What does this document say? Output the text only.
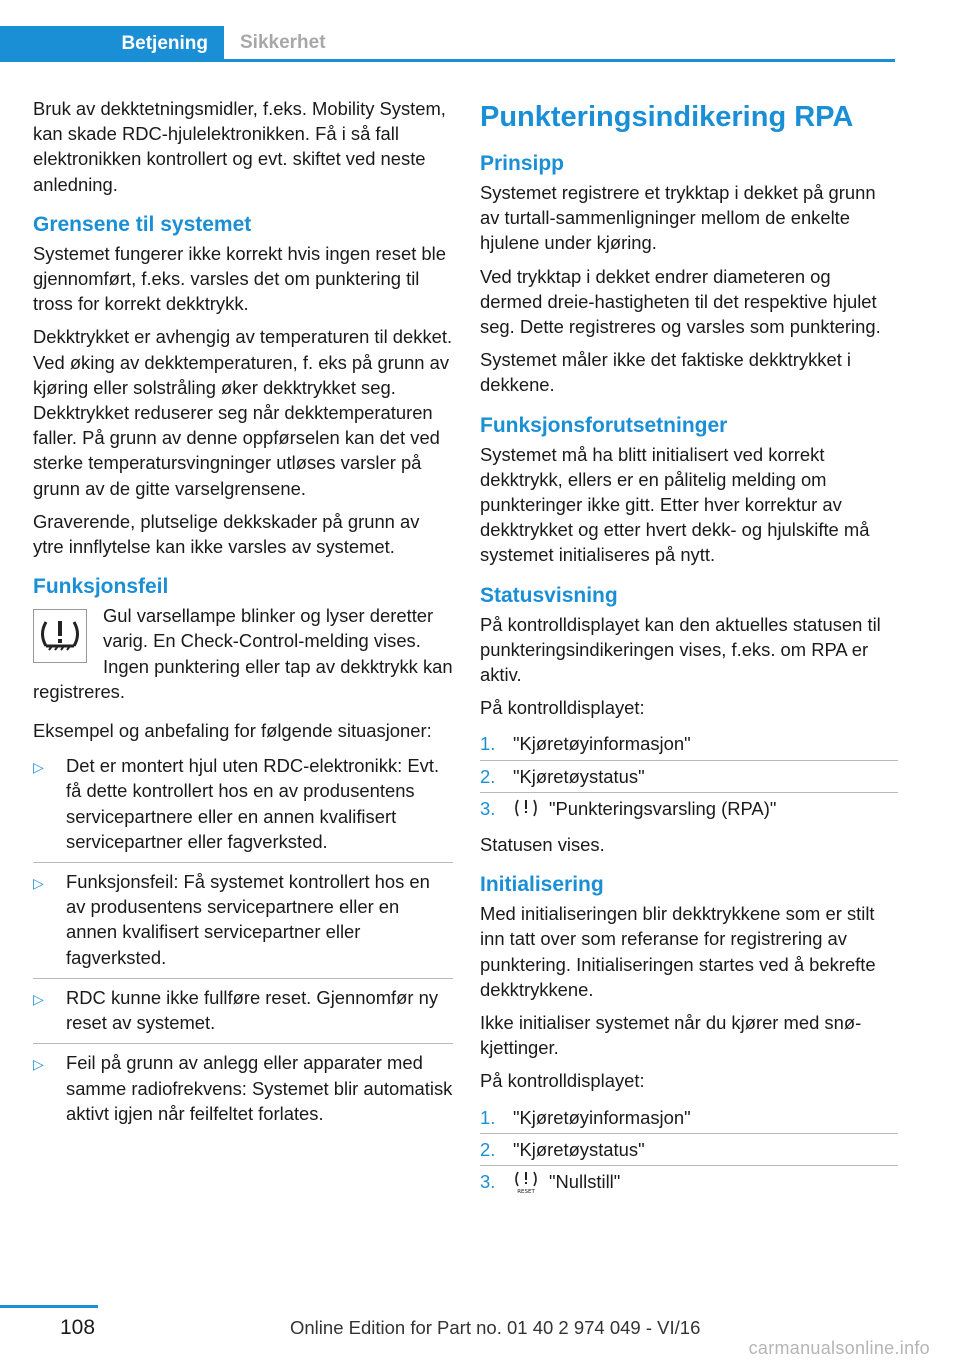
Betjening	Sikkerhet

Bruk av dekktetningsmidler, f.eks. Mobility System, kan skade RDC-hjulelektronikken. Få i så fall elektronikken kontrollert og evt. skiftet ved neste anledning.

Grensene til systemet

Systemet fungerer ikke korrekt hvis ingen reset ble gjennomført, f.eks. varsles det om punktering til tross for korrekt dekktrykk.

Dekktrykket er avhengig av temperaturen til dekket. Ved øking av dekktemperaturen, f. eks på grunn av kjøring eller solstråling øker dekktrykket seg. Dekktrykket reduserer seg når dekktemperaturen faller. På grunn av denne oppførselen kan det ved sterke temperatursvingninger utløses varsler på grunn av de gitte varselgrensene.

Graverende, plutselige dekkskader på grunn av ytre innflytelse kan ikke varsles av systemet.

Funksjonsfeil

Gul varsellampe blinker og lyser deretter varig. En Check-Control-melding vises. Ingen punktering eller tap av dekktrykk kan registreres.

Eksempel og anbefaling for følgende situasjoner:

▷ Det er montert hjul uten RDC-elektronikk: Evt. få dette kontrollert hos en av produsentens servicepartnere eller en annen kvalifisert servicepartner eller fagverksted.
▷ Funksjonsfeil: Få systemet kontrollert hos en av produsentens servicepartnere eller en annen kvalifisert servicepartner eller fagverksted.
▷ RDC kunne ikke fullføre reset. Gjennomfør ny reset av systemet.
▷ Feil på grunn av anlegg eller apparater med samme radiofrekvens: Systemet blir automatisk aktivt igjen når feilfeltet forlates.
Punkteringsindikering RPA
Prinsipp

Systemet registrere et trykktap i dekket på grunn av turtall-sammenligninger mellom de enkelte hjulene under kjøring.

Ved trykktap i dekket endrer diameteren og dermed dreie-hastigheten til det respektive hjulet seg. Dette registreres og varsles som punktering.

Systemet måler ikke det faktiske dekktrykket i dekkene.

Funksjonsforutsetninger

Systemet må ha blitt initialisert ved korrekt dekktrykk, ellers er en pålitelig melding om punkteringer ikke gitt. Etter hver korrektur av dekktrykket og etter hvert dekk- og hjulskifte må systemet initialiseres på nytt.

Statusvisning

På kontrolldisplayet kan den aktuelles statusen til punkteringsindikeringen vises, f.eks. om RPA er aktiv.

På kontrolldisplayet:

1. "Kjøretøyinformasjon"
2. "Kjøretøystatus"
3.	"Punkteringsvarsling (RPA)"

Statusen vises.

Initialisering

Med initialiseringen blir dekktrykkene som er stilt inn tatt over som referanse for registrering av punktering. Initialiseringen startes ved å bekrefte dekktrykkene.

Ikke initialiser systemet når du kjører med snøkjettinger.

På kontrolldisplayet:

1. "Kjøretøyinformasjon"
2. "Kjøretøystatus"
3.	RESET "Nullstill"
108	Online Edition for Part no. 01 40 2 974 049 - VI/16
carmanualsonline.info
